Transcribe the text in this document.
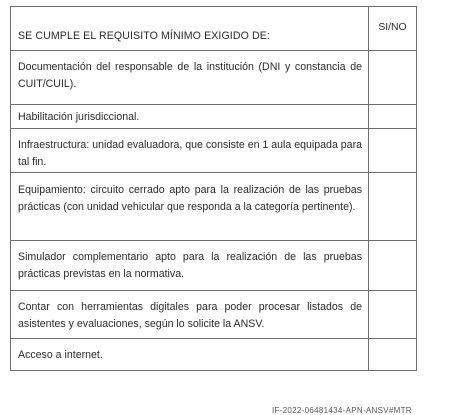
SE CUMPLE EL REQUISITO MÍNIMO EXIGIDO DE:	SI/NO

Documentación del responsable de la institución (DNI y constancia de CUIT/CUIL).	

Habilitación jurisdiccional.	

Infraestructura: unidad evaluadora, que consiste en 1 aula equipada para tal fin.	

Equipamiento: circuito cerrado apto para la realización de las pruebas prácticas (con unidad vehicular que responda a la categoría pertinente).	

Simulador complementario apto para la realización de las pruebas prácticas previstas en la normativa.	

Contar con herramientas digitales para poder procesar listados de asistentes y evaluaciones, según lo solicite la ANSV.	

Acceso a internet.	

IF-2022-06481434-APN-ANSV#MTR
